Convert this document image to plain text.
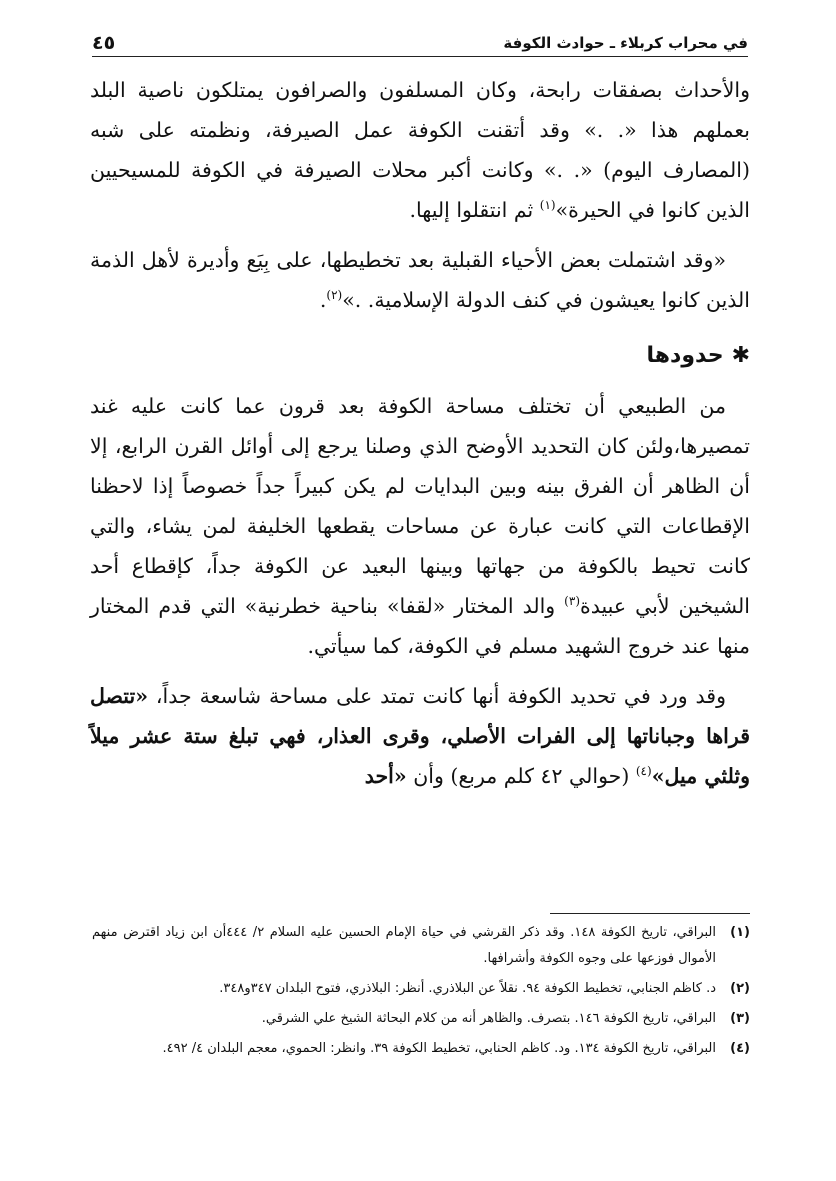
في محراب كربلاء ـ حوادث الكوفة
٤٥

والأحداث بصفقات رابحة، وكان المسلفون والصرافون يمتلكون ناصية البلد بعملهم هذا «. .» وقد أتقنت الكوفة عمل الصيرفة، ونظمته على شبه (المصارف اليوم) «. .» وكانت أكبر محلات الصيرفة في الكوفة للمسيحيين الذين كانوا في الحيرة»$^{(١)}$ ثم انتقلوا إليها.

«وقد اشتملت بعض الأحياء القبلية بعد تخطيطها، على بِيَع وأديرة لأهل الذمة الذين كانوا يعيشون في كنف الدولة الإسلامية. .»$^{(٢)}$.

✱حدودها

من الطبيعي أن تختلف مساحة الكوفة بعد قرون عما كانت عليه غند تمصيرها،ولئن كان التحديد الأوضح الذي وصلنا يرجع إلى أوائل القرن الرابع، إلا أن الظاهر أن الفرق بينه وبين البدايات لم يكن كبيراً جداً خصوصاً إذا لاحظنا الإقطاعات التي كانت عبارة عن مساحات يقطعها الخليفة لمن يشاء، والتي كانت تحيط بالكوفة من جهاتها وبينها البعيد عن الكوفة جداً، كإقطاع أحد الشيخين لأبي عبيدة$^{(٣)}$ والد المختار «لقفا» بناحية خطرنية» التي قدم المختار منها عند خروج الشهيد مسلم في الكوفة، كما سيأتي.

وقد ورد في تحديد الكوفة أنها كانت تمتد على مساحة شاسعة جداً، «تتصل قراها وجباناتها إلى الفرات الأصلي، وقرى العذار، فهي تبلغ ستة عشر ميلاً وثلثي ميل»$^{(٤)}$ (حوالي ٤٢ كلم مربع) وأن «أحد

(١)
البراقي، تاريخ الكوفة ١٤٨. وقد ذكر القرشي في حياة الإمام الحسين عليه السلام ٢/ ٤٤٤أن ابن زياد اقترض منهم الأموال فوزعها على وجوه الكوفة وأشرافها.
(٢)
د. كاظم الجنابي، تخطيط الكوفة ٩٤. نقلاً عن البلاذري. أنظر: البلاذري، فتوح البلدان ٣٤٧و٣٤٨.
(٣)
البراقي، تاريخ الكوفة ١٤٦. بتصرف. والظاهر أنه من كلام البحاثة الشيخ علي الشرقي.
(٤)
البراقي، تاريخ الكوفة ١٣٤. ود. كاظم الحنابي، تخطيط الكوفة ٣٩. وانظر: الحموي، معجم البلدان ٤/ ٤٩٢.
